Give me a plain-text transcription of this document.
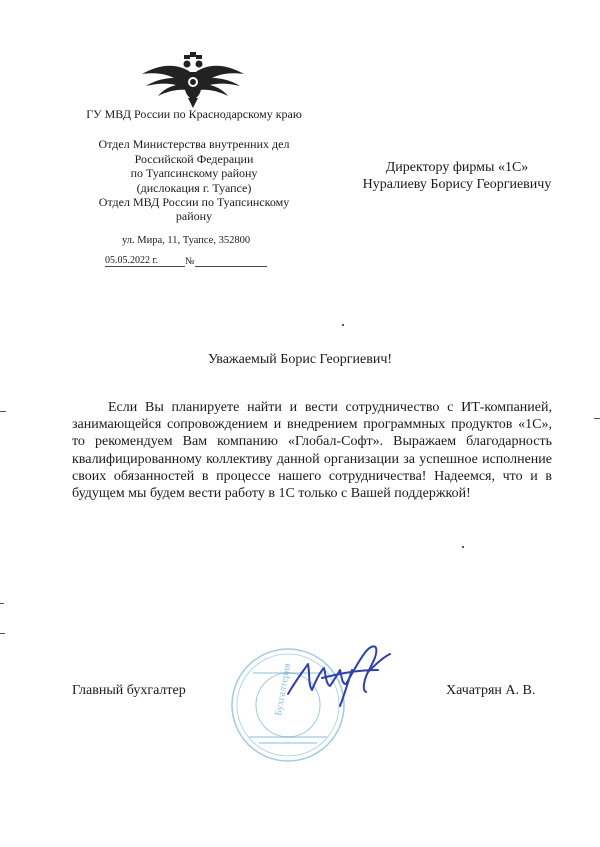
ГУ МВД России по Краснодарскому краю
Отдел Министерства внутренних дел
Российской Федерации
по Туапсинскому району
(дислокация г. Туапсе)
Отдел МВД России по Туапсинскому
району
ул. Мира, 11, Туапсе, 352800
05.05.2022 г.	№
Директору фирмы «1С»
Нуралиеву Борису Георгиевичу
Уважаемый Борис Георгиевич!

Если Вы планируете найти и вести сотрудничество с ИТ-компанией, занимающейся сопровождением и внедрением программных продуктов «1С», то рекомендуем Вам компанию «Глобал-Софт». Выражаем благодарность квалифицированному коллективу данной организации за успешное исполнение своих обязанностей в процессе нашего сотрудничества! Надеемся, что и в будущем мы будем вести работу в 1С только с Вашей поддержкой!

Главный бухгалтер	Хачатрян А. В.
Бухгалтерия
